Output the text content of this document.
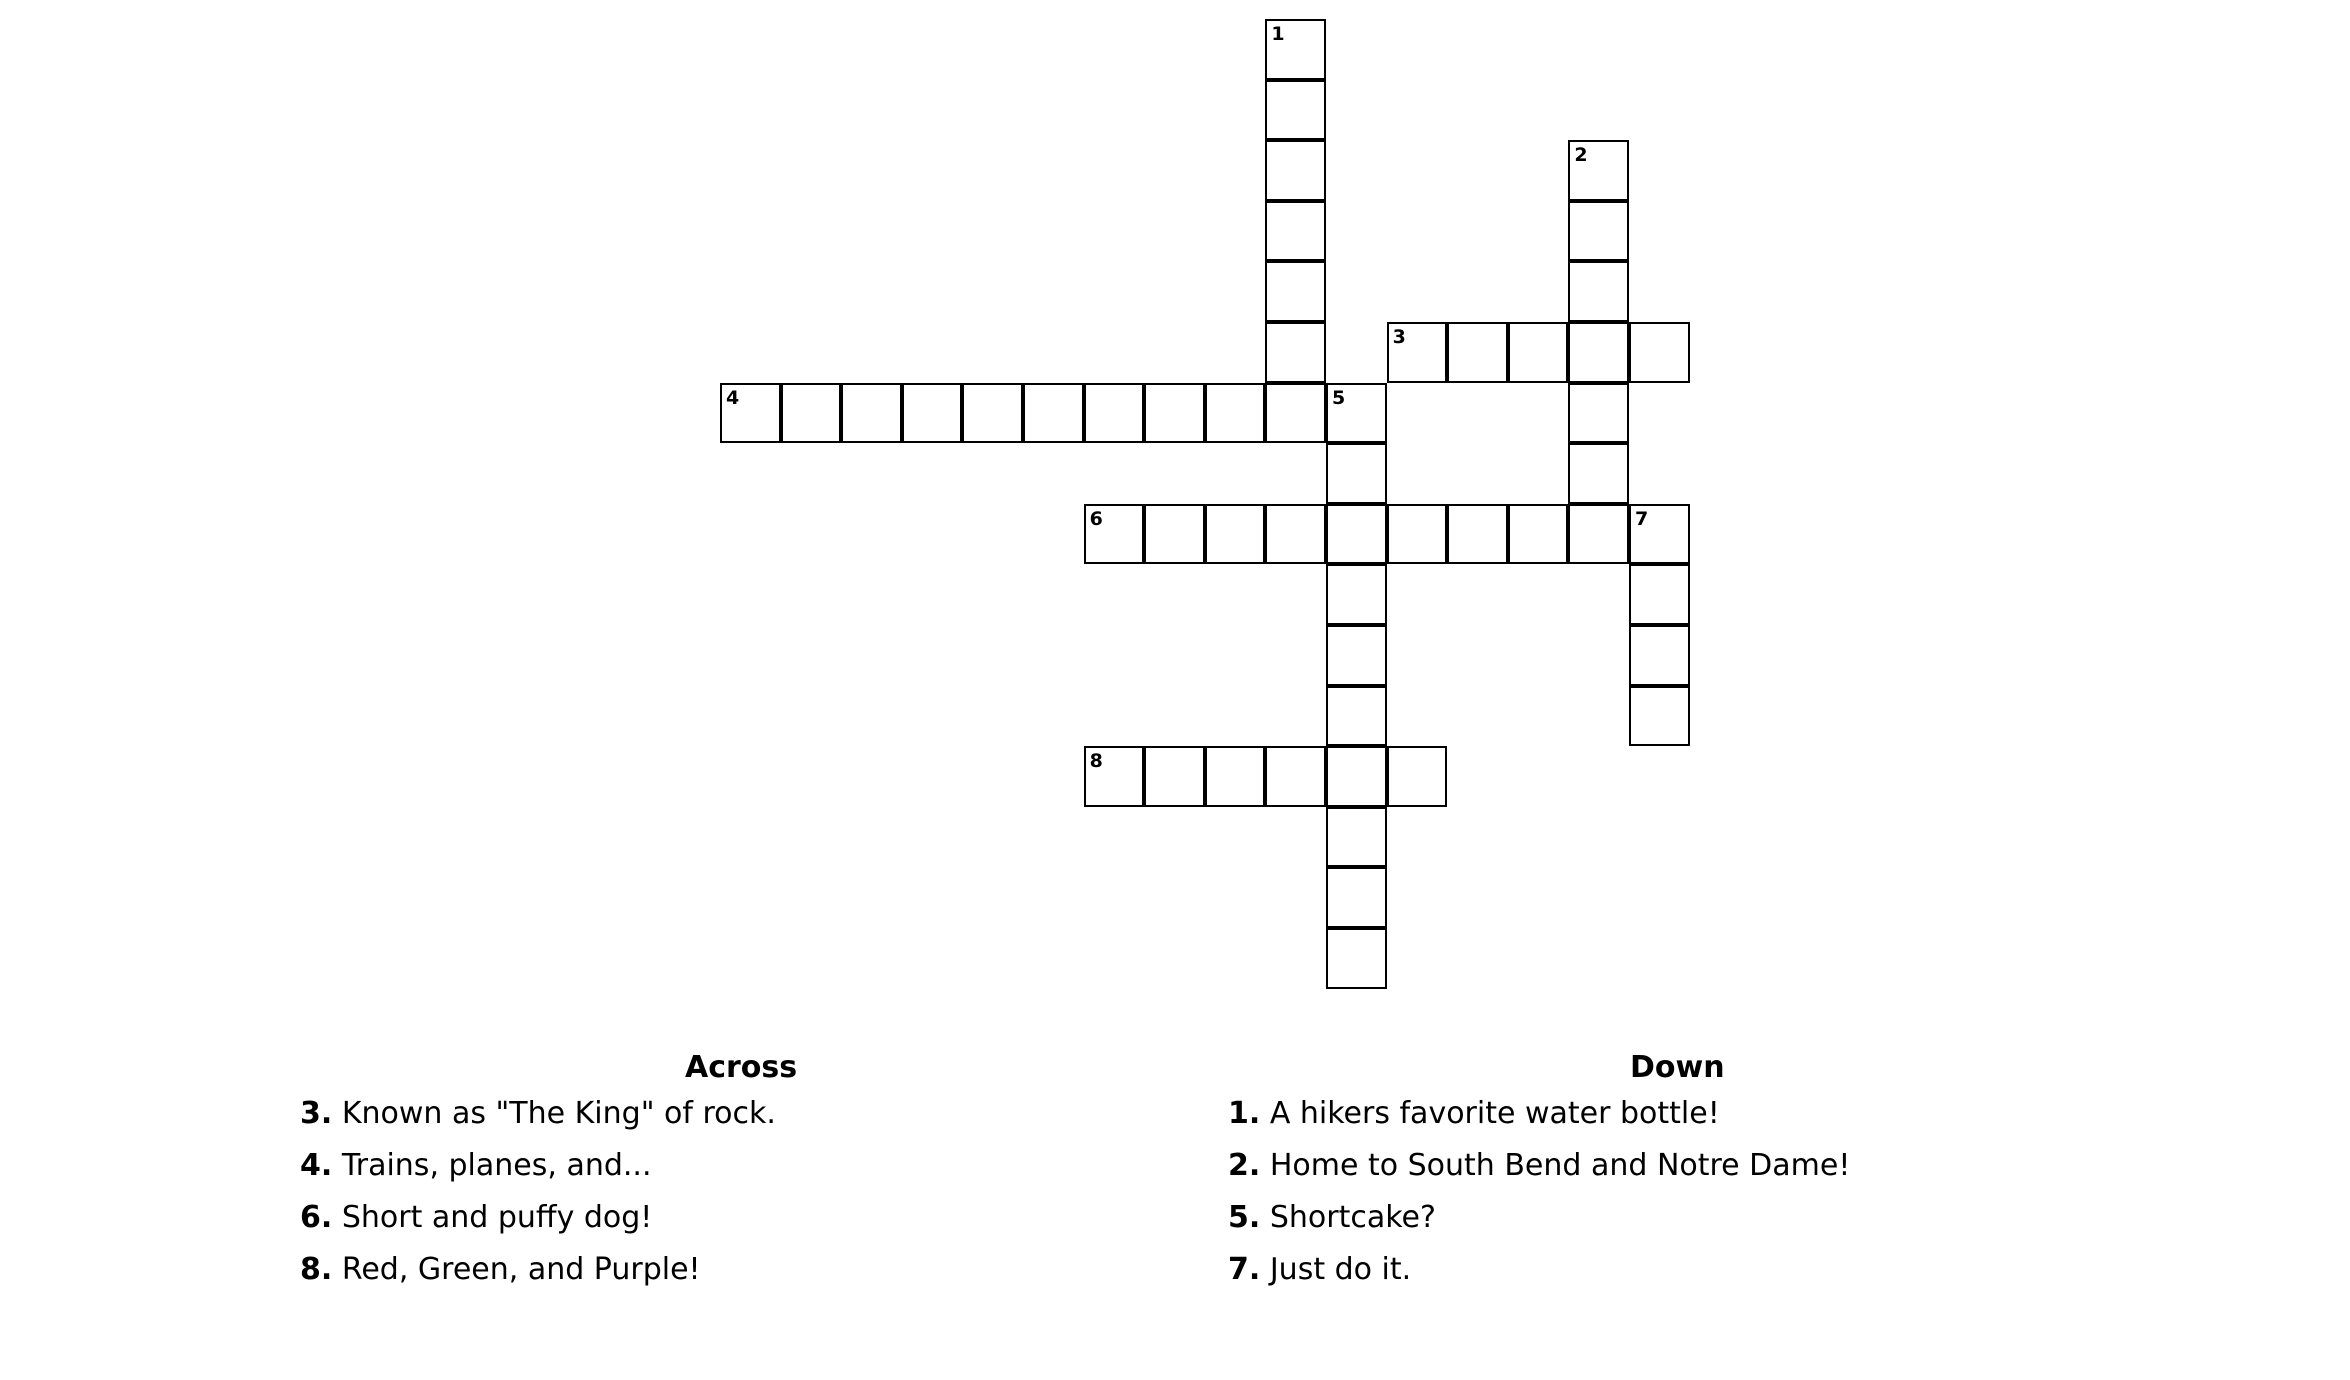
1
2
3
4	5
6	7
8
Across
3. Known as "The King" of rock.
4. Trains, planes, and...
6. Short and puffy dog!
8. Red, Green, and Purple!
Down
1. A hikers favorite water bottle!
2. Home to South Bend and Notre Dame!
5. Shortcake?
7. Just do it.
